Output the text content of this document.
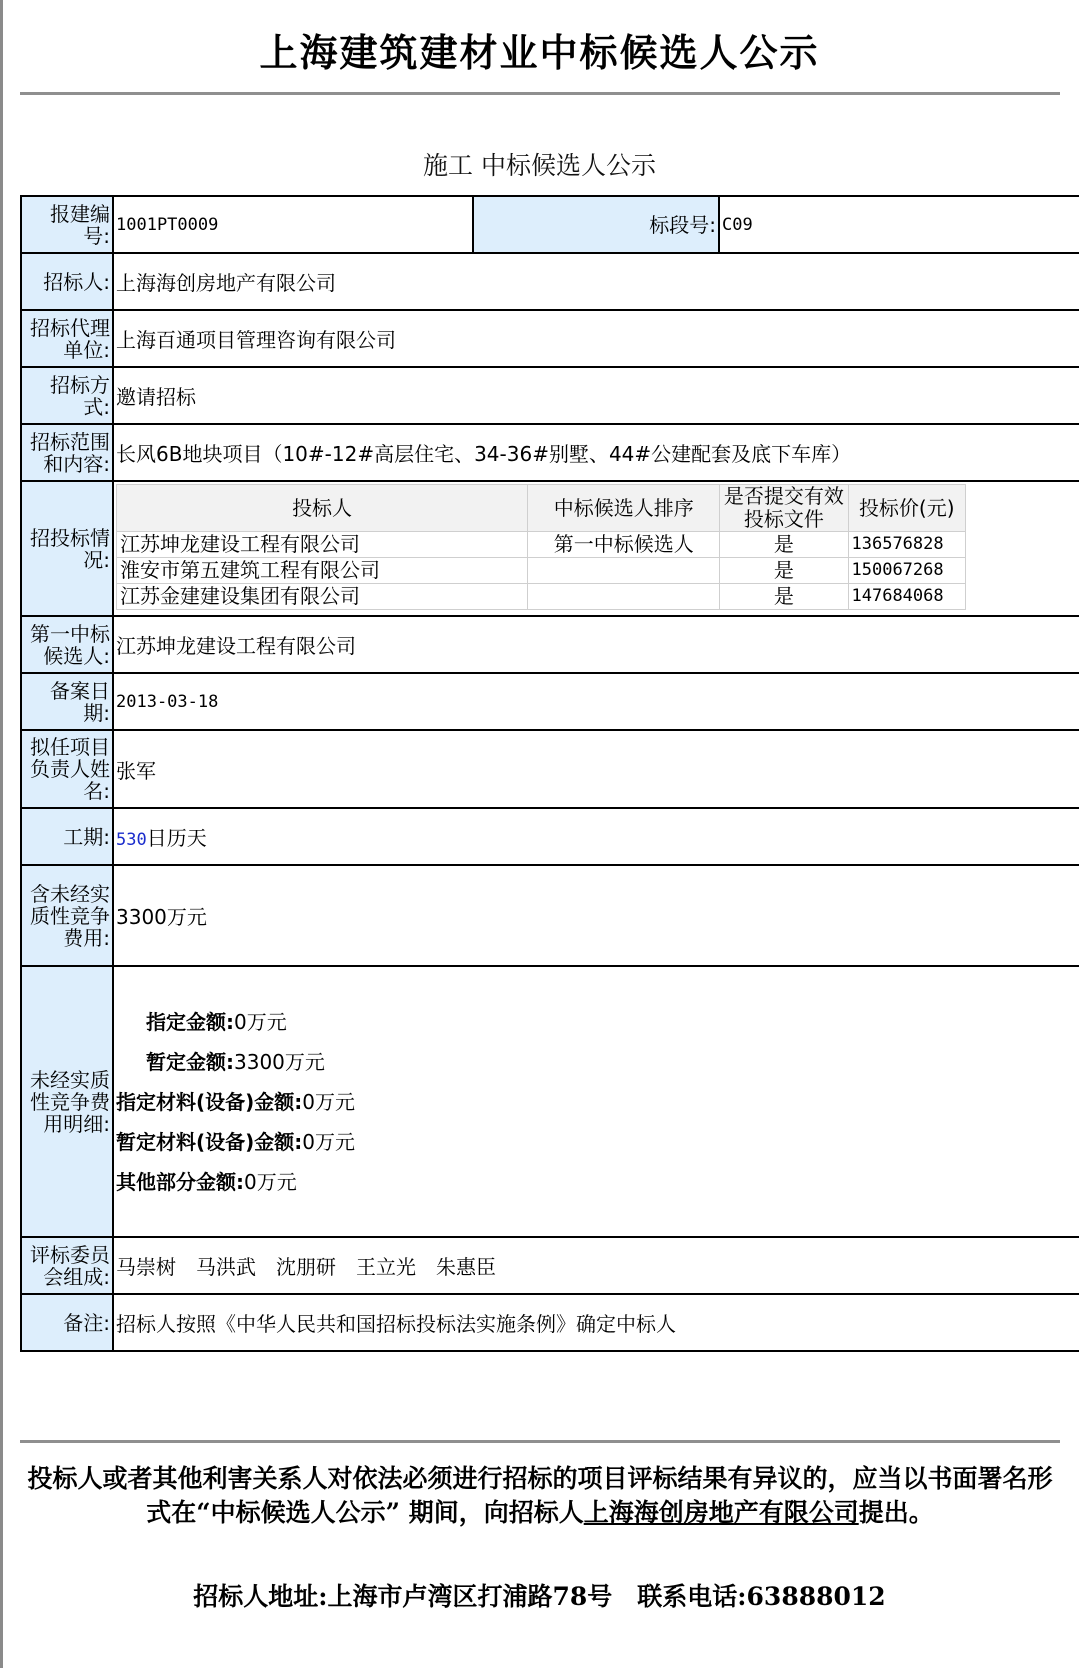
上海建筑建材业中标候选人公示
施工 中标候选人公示
报建编号:	1001PT0009	标段号:	C09
招标人:	上海海创房地产有限公司
招标代理单位:	上海百通项目管理咨询有限公司
招标方式:	邀请招标
招标范围和内容:	长风6B地块项目（10#-12#高层住宅、34-36#别墅、44#公建配套及底下车库）
招投标情况:	
投标人	中标候选人排序	是否提交有效投标文件	投标价(元)
江苏坤龙建设工程有限公司	第一中标候选人	是	136576828
淮安市第五建筑工程有限公司		是	150067268
江苏金建建设集团有限公司		是	147684068

第一中标候选人:	江苏坤龙建设工程有限公司
备案日期:	2013-03-18
拟任项目负责人姓名:	张军
工期:	530日历天
含未经实质性竞争费用:	3300万元
未经实质性竞争费用明细:	
指定金额:0万元
暂定金额:3300万元
指定材料(设备)金额:0万元
暂定材料(设备)金额:0万元
其他部分金额:0万元

评标委员会组成:	马崇树　马洪武　沈朋研　王立光　朱惠臣
备注:	招标人按照《中华人民共和国招标投标法实施条例》确定中标人
投标人或者其他利害关系人对依法必须进行招标的项目评标结果有异议的，应当以书面署名形式在“中标候选人公示” 期间，向招标人上海海创房地产有限公司提出。
招标人地址:上海市卢湾区打浦路78号　联系电话:63888012
